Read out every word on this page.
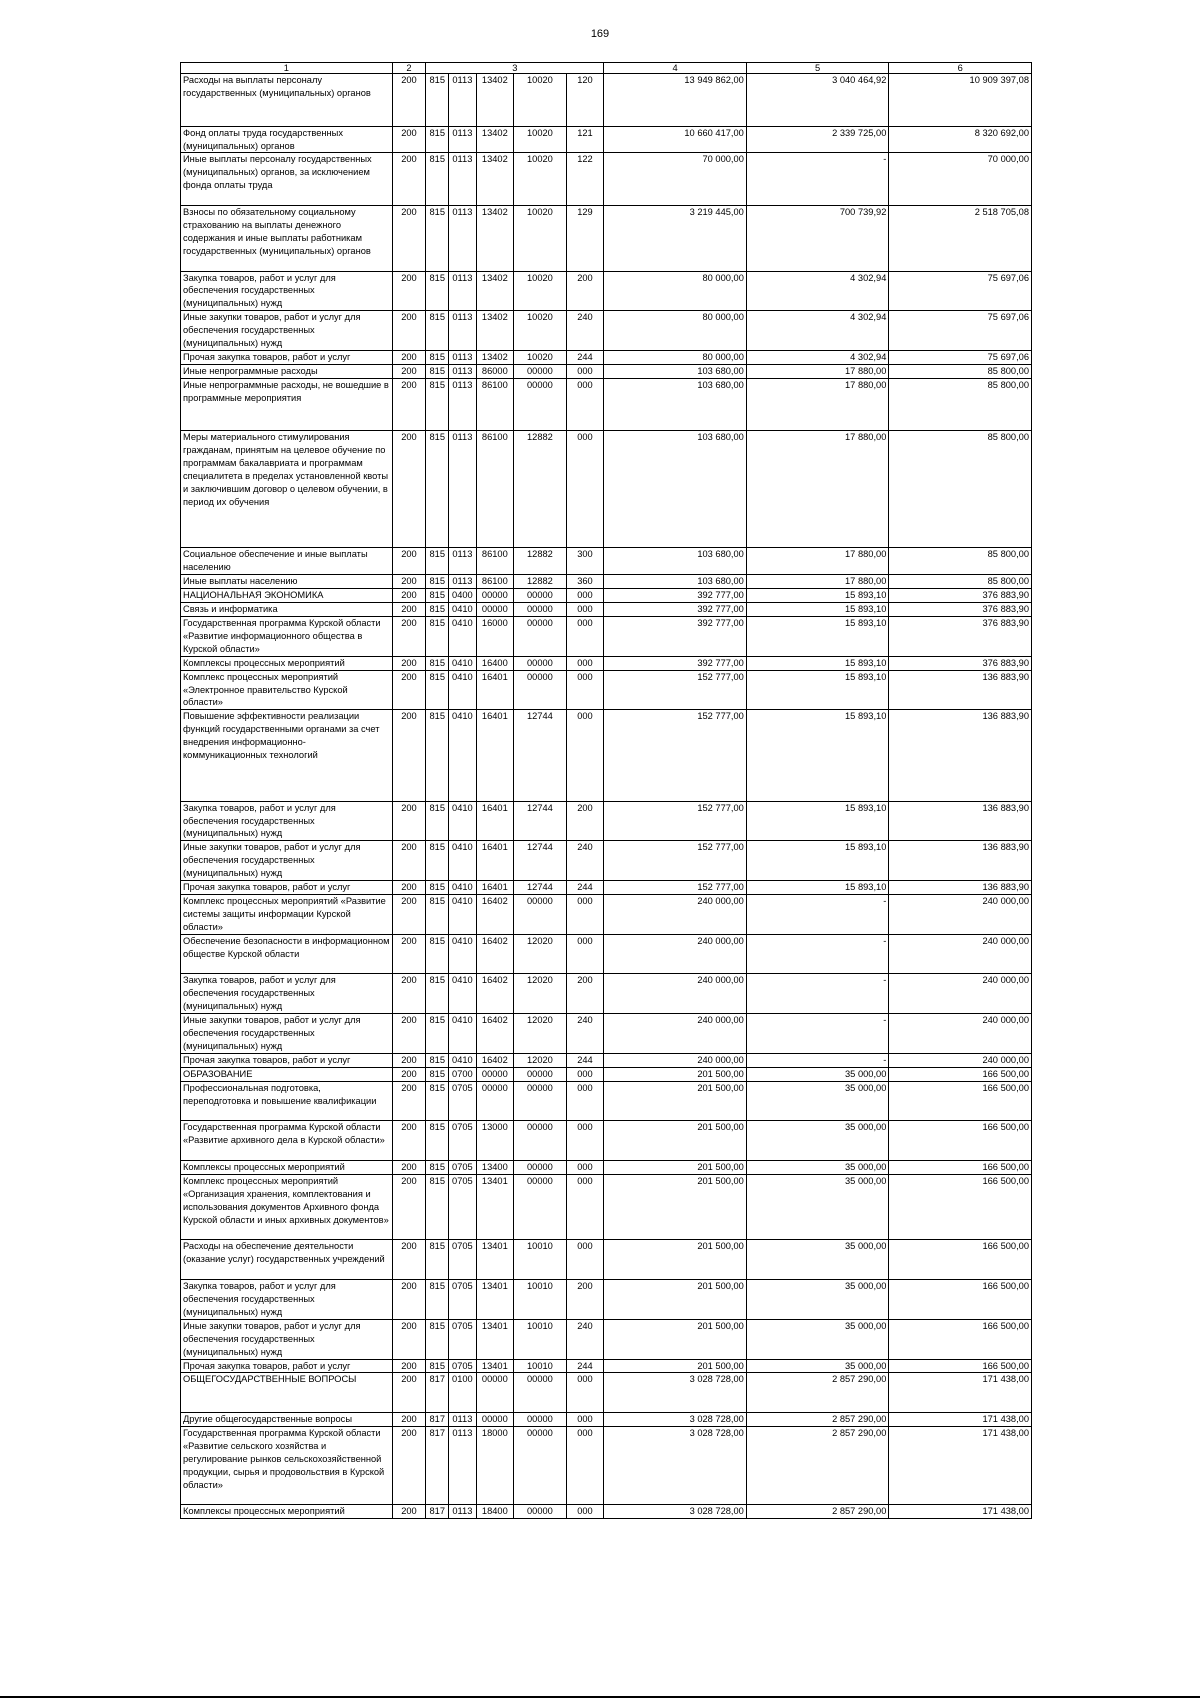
169
1	2	3					4	5	6
Расходы на выплаты персоналу государственных (муниципальных) органов	200	815	0113	13402	10020	120	13 949 862,00	3 040 464,92	10 909 397,08
Фонд оплаты труда государственных (муниципальных) органов	200	815	0113	13402	10020	121	10 660 417,00	2 339 725,00	8 320 692,00
Иные выплаты персоналу государственных (муниципальных) органов, за исключением фонда оплаты труда	200	815	0113	13402	10020	122	70 000,00	-	70 000,00
Взносы по обязательному социальному страхованию на выплаты денежного содержания и иные выплаты работникам государственных (муниципальных) органов	200	815	0113	13402	10020	129	3 219 445,00	700 739,92	2 518 705,08
Закупка товаров, работ и услуг для обеспечения государственных (муниципальных) нужд	200	815	0113	13402	10020	200	80 000,00	4 302,94	75 697,06
Иные закупки товаров, работ и услуг для обеспечения государственных (муниципальных) нужд	200	815	0113	13402	10020	240	80 000,00	4 302,94	75 697,06
Прочая закупка товаров, работ и услуг	200	815	0113	13402	10020	244	80 000,00	4 302,94	75 697,06
Иные непрограммные расходы	200	815	0113	86000	00000	000	103 680,00	17 880,00	85 800,00
Иные непрограммные расходы, не вошедшие в программные мероприятия	200	815	0113	86100	00000	000	103 680,00	17 880,00	85 800,00
Меры материального стимулирования гражданам, принятым на целевое обучение по программам бакалавриата и программам специалитета в пределах установленной квоты и заключившим договор о целевом обучении, в период их обучения	200	815	0113	86100	12882	000	103 680,00	17 880,00	85 800,00
Социальное обеспечение и иные выплаты населению	200	815	0113	86100	12882	300	103 680,00	17 880,00	85 800,00
Иные выплаты населению	200	815	0113	86100	12882	360	103 680,00	17 880,00	85 800,00
НАЦИОНАЛЬНАЯ ЭКОНОМИКА	200	815	0400	00000	00000	000	392 777,00	15 893,10	376 883,90
Связь и информатика	200	815	0410	00000	00000	000	392 777,00	15 893,10	376 883,90
Государственная программа Курской области «Развитие информационного общества в Курской области»	200	815	0410	16000	00000	000	392 777,00	15 893,10	376 883,90
Комплексы процессных мероприятий	200	815	0410	16400	00000	000	392 777,00	15 893,10	376 883,90
Комплекс процессных мероприятий «Электронное правительство Курской области»	200	815	0410	16401	00000	000	152 777,00	15 893,10	136 883,90
Повышение эффективности реализации функций государственными органами за счет внедрения информационно-коммуникационных технологий	200	815	0410	16401	12744	000	152 777,00	15 893,10	136 883,90
Закупка товаров, работ и услуг для обеспечения государственных (муниципальных) нужд	200	815	0410	16401	12744	200	152 777,00	15 893,10	136 883,90
Иные закупки товаров, работ и услуг для обеспечения государственных (муниципальных) нужд	200	815	0410	16401	12744	240	152 777,00	15 893,10	136 883,90
Прочая закупка товаров, работ и услуг	200	815	0410	16401	12744	244	152 777,00	15 893,10	136 883,90
Комплекс процессных мероприятий «Развитие системы защиты информации Курской области»	200	815	0410	16402	00000	000	240 000,00	-	240 000,00
Обеспечение безопасности в информационном обществе Курской области	200	815	0410	16402	12020	000	240 000,00	-	240 000,00
Закупка товаров, работ и услуг для обеспечения государственных (муниципальных) нужд	200	815	0410	16402	12020	200	240 000,00	-	240 000,00
Иные закупки товаров, работ и услуг для обеспечения государственных (муниципальных) нужд	200	815	0410	16402	12020	240	240 000,00	-	240 000,00
Прочая закупка товаров, работ и услуг	200	815	0410	16402	12020	244	240 000,00	-	240 000,00
ОБРАЗОВАНИЕ	200	815	0700	00000	00000	000	201 500,00	35 000,00	166 500,00
Профессиональная подготовка, переподготовка и повышение квалификации	200	815	0705	00000	00000	000	201 500,00	35 000,00	166 500,00
Государственная программа Курской области «Развитие архивного дела в Курской области»	200	815	0705	13000	00000	000	201 500,00	35 000,00	166 500,00
Комплексы процессных мероприятий	200	815	0705	13400	00000	000	201 500,00	35 000,00	166 500,00
Комплекс процессных мероприятий «Организация хранения, комплектования и использования документов Архивного фонда Курской области и иных архивных документов»	200	815	0705	13401	00000	000	201 500,00	35 000,00	166 500,00
Расходы на обеспечение деятельности (оказание услуг) государственных учреждений	200	815	0705	13401	10010	000	201 500,00	35 000,00	166 500,00
Закупка товаров, работ и услуг для обеспечения государственных (муниципальных) нужд	200	815	0705	13401	10010	200	201 500,00	35 000,00	166 500,00
Иные закупки товаров, работ и услуг для обеспечения государственных (муниципальных) нужд	200	815	0705	13401	10010	240	201 500,00	35 000,00	166 500,00
Прочая закупка товаров, работ и услуг	200	815	0705	13401	10010	244	201 500,00	35 000,00	166 500,00
ОБЩЕГОСУДАРСТВЕННЫЕ ВОПРОСЫ	200	817	0100	00000	00000	000	3 028 728,00	2 857 290,00	171 438,00
Другие общегосударственные вопросы	200	817	0113	00000	00000	000	3 028 728,00	2 857 290,00	171 438,00
Государственная программа Курской области «Развитие сельского хозяйства и регулирование рынков сельскохозяйственной продукции, сырья и продовольствия в Курской области»	200	817	0113	18000	00000	000	3 028 728,00	2 857 290,00	171 438,00
Комплексы процессных мероприятий	200	817	0113	18400	00000	000	3 028 728,00	2 857 290,00	171 438,00
